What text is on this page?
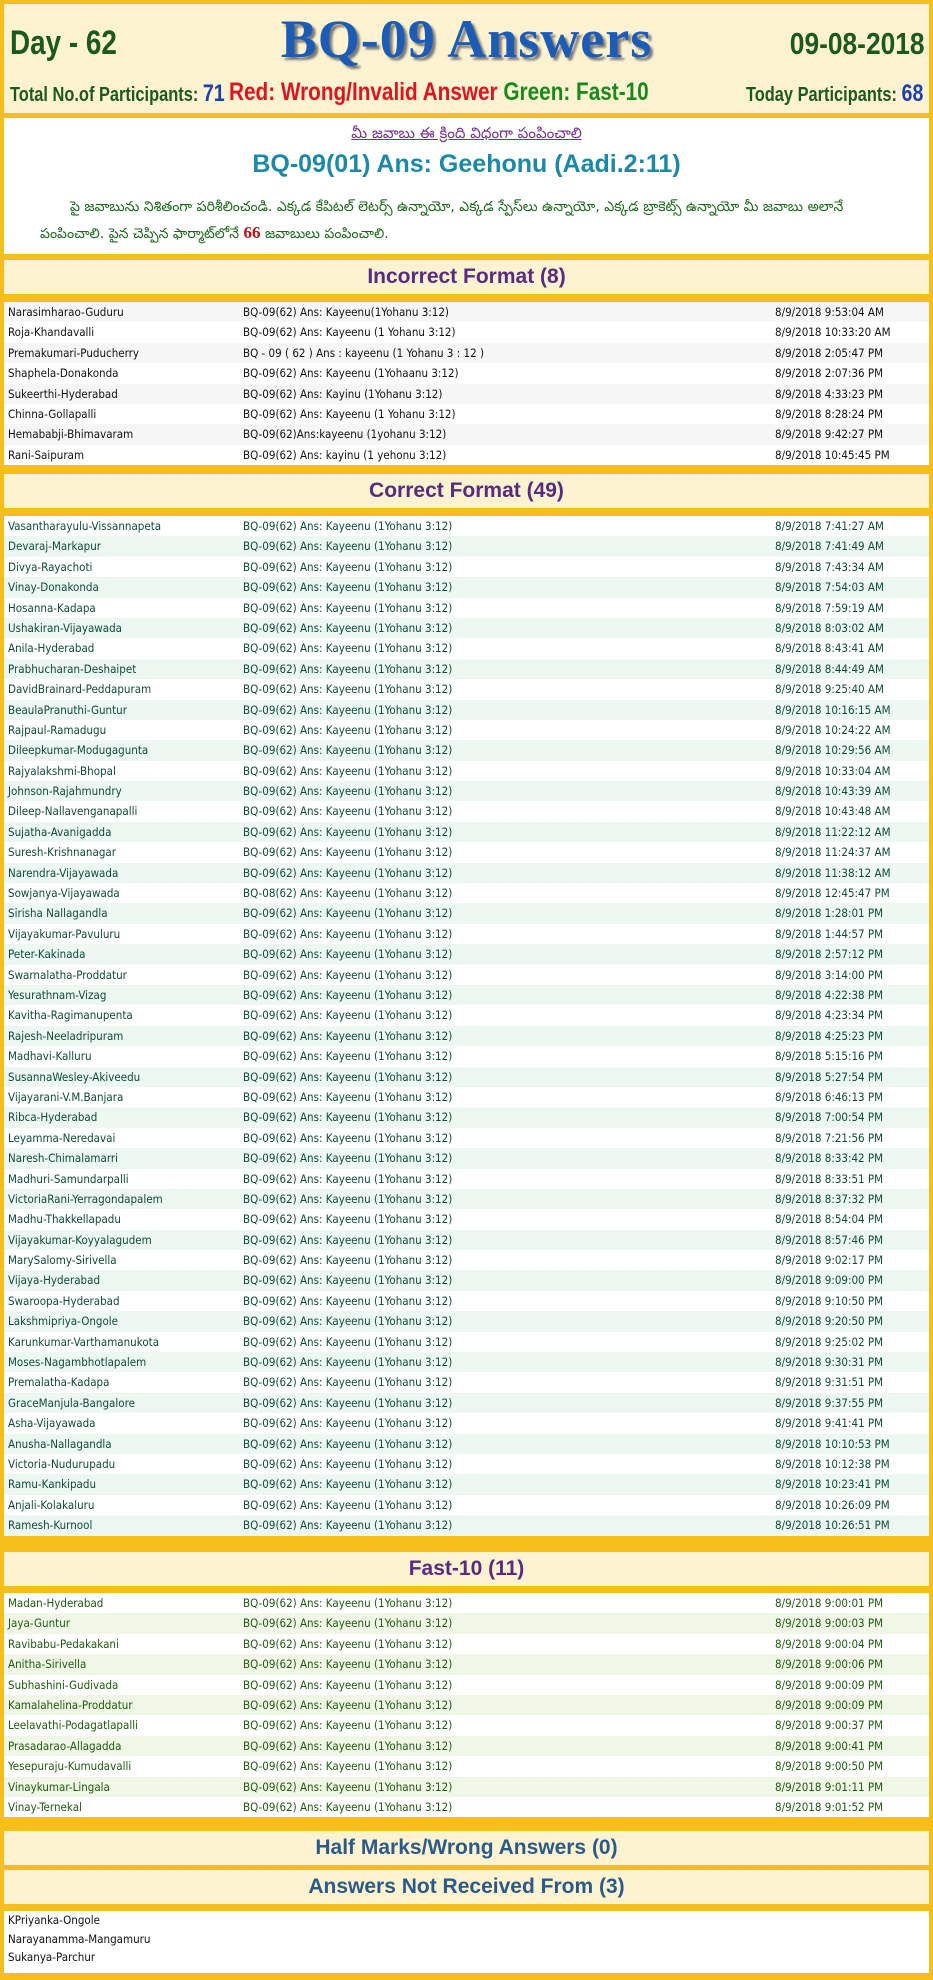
Day - 62	BQ-09 Answers	09-08-2018
Total No.of Participants: 71 Red: Wrong/Invalid Answer Green: Fast-10	Today Participants: 68
మీ జవాబు ఈ క్రింది విధంగా పంపించాలి
BQ-09(01) Ans: Geehonu (Aadi.2:11)
పై జవాబును నిశితంగా పరిశీలించండి. ఎక్కడ కేపిటల్ లెటర్స్ ఉన్నాయో, ఎక్కడ స్పేస్‌లు ఉన్నాయో, ఎక్కడ బ్రాకెట్స్ ఉన్నాయో మీ జవాబు అలానే పంపించాలి. పైన చెప్పిన ఫార్మాట్‌లోనే 66 జవాబులు పంపించాలి.
Incorrect Format (8)
Narasimharao-Guduru	BQ-09(62) Ans: Kayeenu(1Yohanu 3:12)	8/9/2018 9:53:04 AM
Roja-Khandavalli	BQ-09(62) Ans: Kayeenu (1 Yohanu 3:12)	8/9/2018 10:33:20 AM
Premakumari-Puducherry	BQ - 09 ( 62 ) Ans : kayeenu (1 Yohanu 3 : 12 )	8/9/2018 2:05:47 PM
Shaphela-Donakonda	BQ-09(62) Ans: Kayeenu (1Yohaanu 3:12)	8/9/2018 2:07:36 PM
Sukeerthi-Hyderabad	BQ-09(62) Ans: Kayinu (1Yohanu 3:12)	8/9/2018 4:33:23 PM
Chinna-Gollapalli	BQ-09(62) Ans: Kayeenu (1 Yohanu 3:12)	8/9/2018 8:28:24 PM
Hemababji-Bhimavaram	BQ-09(62)Ans:kayeenu (1yohanu 3:12)	8/9/2018 9:42:27 PM
Rani-Saipuram	BQ-09(62) Ans: kayinu (1 yehonu 3:12)	8/9/2018 10:45:45 PM
Correct Format (49)
Vasantharayulu-Vissannapeta	BQ-09(62) Ans: Kayeenu (1Yohanu 3:12)	8/9/2018 7:41:27 AM
Devaraj-Markapur	BQ-09(62) Ans: Kayeenu (1Yohanu 3:12)	8/9/2018 7:41:49 AM
Divya-Rayachoti	BQ-09(62) Ans: Kayeenu (1Yohanu 3:12)	8/9/2018 7:43:34 AM
Vinay-Donakonda	BQ-09(62) Ans: Kayeenu (1Yohanu 3:12)	8/9/2018 7:54:03 AM
Hosanna-Kadapa	BQ-09(62) Ans: Kayeenu (1Yohanu 3:12)	8/9/2018 7:59:19 AM
Ushakiran-Vijayawada	BQ-09(62) Ans: Kayeenu (1Yohanu 3:12)	8/9/2018 8:03:02 AM
Anila-Hyderabad	BQ-09(62) Ans: Kayeenu (1Yohanu 3:12)	8/9/2018 8:43:41 AM
Prabhucharan-Deshaipet	BQ-09(62) Ans: Kayeenu (1Yohanu 3:12)	8/9/2018 8:44:49 AM
DavidBrainard-Peddapuram	BQ-09(62) Ans: Kayeenu (1Yohanu 3:12)	8/9/2018 9:25:40 AM
BeaulaPranuthi-Guntur	BQ-09(62) Ans: Kayeenu (1Yohanu 3:12)	8/9/2018 10:16:15 AM
Rajpaul-Ramadugu	BQ-09(62) Ans: Kayeenu (1Yohanu 3:12)	8/9/2018 10:24:22 AM
Dileepkumar-Modugagunta	BQ-09(62) Ans: Kayeenu (1Yohanu 3:12)	8/9/2018 10:29:56 AM
Rajyalakshmi-Bhopal	BQ-09(62) Ans: Kayeenu (1Yohanu 3:12)	8/9/2018 10:33:04 AM
Johnson-Rajahmundry	BQ-09(62) Ans: Kayeenu (1Yohanu 3:12)	8/9/2018 10:43:39 AM
Dileep-Nallavenganapalli	BQ-09(62) Ans: Kayeenu (1Yohanu 3:12)	8/9/2018 10:43:48 AM
Sujatha-Avanigadda	BQ-09(62) Ans: Kayeenu (1Yohanu 3:12)	8/9/2018 11:22:12 AM
Suresh-Krishnanagar	BQ-09(62) Ans: Kayeenu (1Yohanu 3:12)	8/9/2018 11:24:37 AM
Narendra-Vijayawada	BQ-09(62) Ans: Kayeenu (1Yohanu 3:12)	8/9/2018 11:38:12 AM
Sowjanya-Vijayawada	BQ-08(62) Ans: Kayeenu (1Yohanu 3:12)	8/9/2018 12:45:47 PM
Sirisha Nallagandla	BQ-09(62) Ans: Kayeenu (1Yohanu 3:12)	8/9/2018 1:28:01 PM
Vijayakumar-Pavuluru	BQ-09(62) Ans: Kayeenu (1Yohanu 3:12)	8/9/2018 1:44:57 PM
Peter-Kakinada	BQ-09(62) Ans: Kayeenu (1Yohanu 3:12)	8/9/2018 2:57:12 PM
Swarnalatha-Proddatur	BQ-09(62) Ans: Kayeenu (1Yohanu 3:12)	8/9/2018 3:14:00 PM
Yesurathnam-Vizag	BQ-09(62) Ans: Kayeenu (1Yohanu 3:12)	8/9/2018 4:22:38 PM
Kavitha-Ragimanupenta	BQ-09(62) Ans: Kayeenu (1Yohanu 3:12)	8/9/2018 4:23:34 PM
Rajesh-Neeladripuram	BQ-09(62) Ans: Kayeenu (1Yohanu 3:12)	8/9/2018 4:25:23 PM
Madhavi-Kalluru	BQ-09(62) Ans: Kayeenu (1Yohanu 3:12)	8/9/2018 5:15:16 PM
SusannaWesley-Akiveedu	BQ-09(62) Ans: Kayeenu (1Yohanu 3:12)	8/9/2018 5:27:54 PM
Vijayarani-V.M.Banjara	BQ-09(62) Ans: Kayeenu (1Yohanu 3:12)	8/9/2018 6:46:13 PM
Ribca-Hyderabad	BQ-09(62) Ans: Kayeenu (1Yohanu 3:12)	8/9/2018 7:00:54 PM
Leyamma-Neredavai	BQ-09(62) Ans: Kayeenu (1Yohanu 3:12)	8/9/2018 7:21:56 PM
Naresh-Chimalamarri	BQ-09(62) Ans: Kayeenu (1Yohanu 3:12)	8/9/2018 8:33:42 PM
Madhuri-Samundarpalli	BQ-09(62) Ans: Kayeenu (1Yohanu 3:12)	8/9/2018 8:33:51 PM
VictoriaRani-Yerragondapalem	BQ-09(62) Ans: Kayeenu (1Yohanu 3:12)	8/9/2018 8:37:32 PM
Madhu-Thakkellapadu	BQ-09(62) Ans: Kayeenu (1Yohanu 3:12)	8/9/2018 8:54:04 PM
Vijayakumar-Koyyalagudem	BQ-09(62) Ans: Kayeenu (1Yohanu 3:12)	8/9/2018 8:57:46 PM
MarySalomy-Sirivella	BQ-09(62) Ans: Kayeenu (1Yohanu 3:12)	8/9/2018 9:02:17 PM
Vijaya-Hyderabad	BQ-09(62) Ans: Kayeenu (1Yohanu 3:12)	8/9/2018 9:09:00 PM
Swaroopa-Hyderabad	BQ-09(62) Ans: Kayeenu (1Yohanu 3:12)	8/9/2018 9:10:50 PM
Lakshmipriya-Ongole	BQ-09(62) Ans: Kayeenu (1Yohanu 3:12)	8/9/2018 9:20:50 PM
Karunkumar-Varthamanukota	BQ-09(62) Ans: Kayeenu (1Yohanu 3:12)	8/9/2018 9:25:02 PM
Moses-Nagambhotlapalem	BQ-09(62) Ans: Kayeenu (1Yohanu 3:12)	8/9/2018 9:30:31 PM
Premalatha-Kadapa	BQ-09(62) Ans: Kayeenu (1Yohanu 3:12)	8/9/2018 9:31:51 PM
GraceManjula-Bangalore	BQ-09(62) Ans: Kayeenu (1Yohanu 3:12)	8/9/2018 9:37:55 PM
Asha-Vijayawada	BQ-09(62) Ans: Kayeenu (1Yohanu 3:12)	8/9/2018 9:41:41 PM
Anusha-Nallagandla	BQ-09(62) Ans: Kayeenu (1Yohanu 3:12)	8/9/2018 10:10:53 PM
Victoria-Nudurupadu	BQ-09(62) Ans: Kayeenu (1Yohanu 3:12)	8/9/2018 10:12:38 PM
Ramu-Kankipadu	BQ-09(62) Ans: Kayeenu (1Yohanu 3:12)	8/9/2018 10:23:41 PM
Anjali-Kolakaluru	BQ-09(62) Ans: Kayeenu (1Yohanu 3:12)	8/9/2018 10:26:09 PM
Ramesh-Kurnool	BQ-09(62) Ans: Kayeenu (1Yohanu 3:12)	8/9/2018 10:26:51 PM
Fast-10 (11)
Madan-Hyderabad	BQ-09(62) Ans: Kayeenu (1Yohanu 3:12)	8/9/2018 9:00:01 PM
Jaya-Guntur	BQ-09(62) Ans: Kayeenu (1Yohanu 3:12)	8/9/2018 9:00:03 PM
Ravibabu-Pedakakani	BQ-09(62) Ans: Kayeenu (1Yohanu 3:12)	8/9/2018 9:00:04 PM
Anitha-Sirivella	BQ-09(62) Ans: Kayeenu (1Yohanu 3:12)	8/9/2018 9:00:06 PM
Subhashini-Gudivada	BQ-09(62) Ans: Kayeenu (1Yohanu 3:12)	8/9/2018 9:00:09 PM
Kamalahelina-Proddatur	BQ-09(62) Ans: Kayeenu (1Yohanu 3:12)	8/9/2018 9:00:09 PM
Leelavathi-Podagatlapalli	BQ-09(62) Ans: Kayeenu (1Yohanu 3:12)	8/9/2018 9:00:37 PM
Prasadarao-Allagadda	BQ-09(62) Ans: Kayeenu (1Yohanu 3:12)	8/9/2018 9:00:41 PM
Yesepuraju-Kumudavalli	BQ-09(62) Ans: Kayeenu (1Yohanu 3:12)	8/9/2018 9:00:50 PM
Vinaykumar-Lingala	BQ-09(62) Ans: Kayeenu (1Yohanu 3:12)	8/9/2018 9:01:11 PM
Vinay-Ternekal	BQ-09(62) Ans: Kayeenu (1Yohanu 3:12)	8/9/2018 9:01:52 PM
Half Marks/Wrong Answers (0)
Answers Not Received From (3)
KPriyanka-Ongole
Narayanamma-Mangamuru
Sukanya-Parchur
